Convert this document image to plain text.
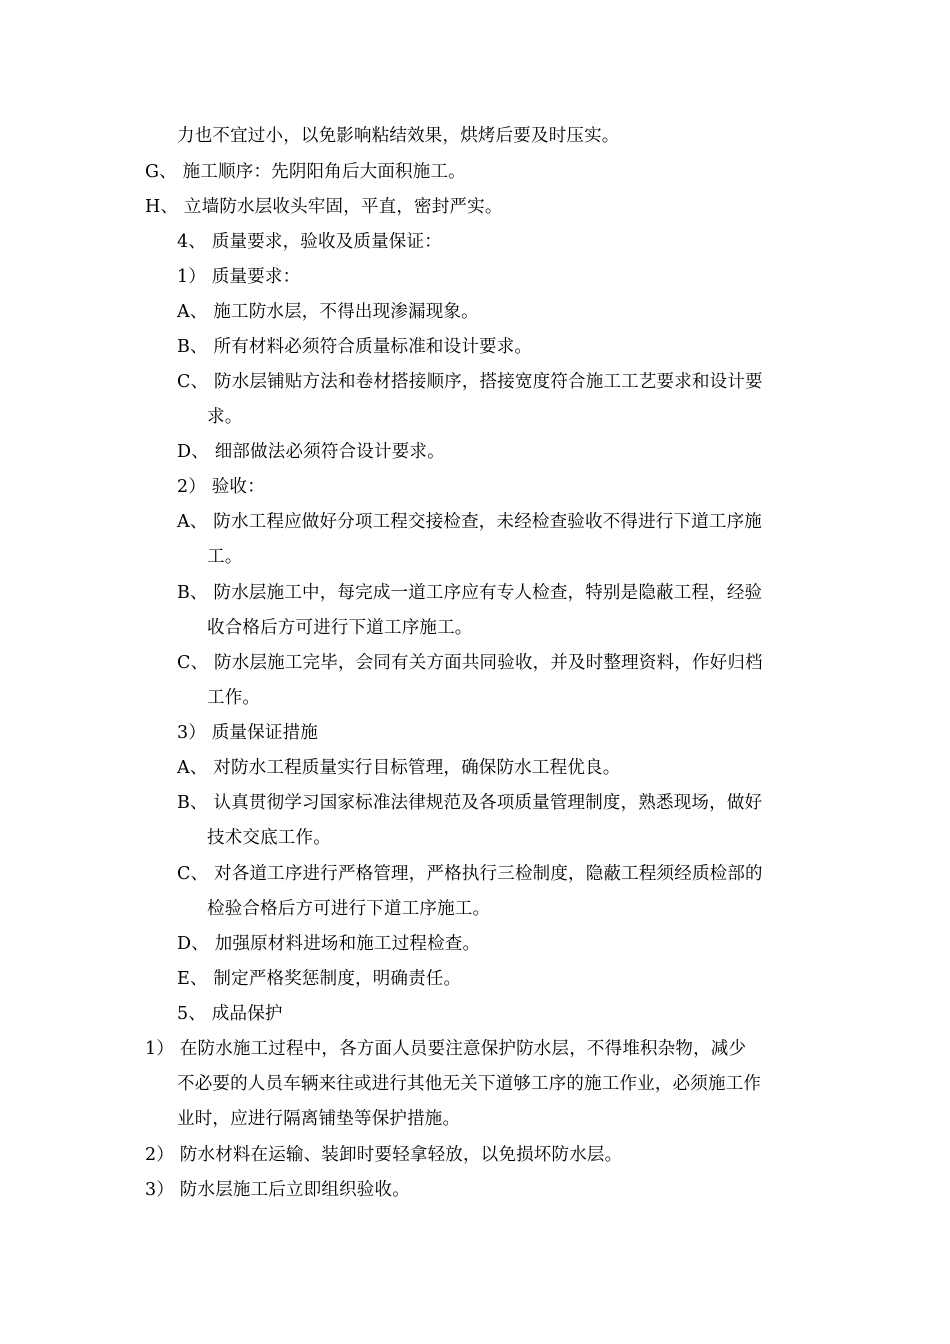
力也不宜过小，以免影响粘结效果，烘烤后要及时压实。
G、 施工顺序：先阴阳角后大面积施工。
H、 立墙防水层收头牢固，平直，密封严实。
4、 质量要求，验收及质量保证：
1） 质量要求：
A、 施工防水层，不得出现渗漏现象。
B、 所有材料必须符合质量标准和设计要求。
C、 防水层铺贴方法和卷材搭接顺序，搭接宽度符合施工工艺要求和设计要
求。
D、 细部做法必须符合设计要求。
2） 验收：
A、 防水工程应做好分项工程交接检查，未经检查验收不得进行下道工序施
工。
B、 防水层施工中，每完成一道工序应有专人检查，特别是隐蔽工程，经验
收合格后方可进行下道工序施工。
C、 防水层施工完毕，会同有关方面共同验收，并及时整理资料，作好归档
工作。
3） 质量保证措施
A、 对防水工程质量实行目标管理，确保防水工程优良。
B、 认真贯彻学习国家标准法律规范及各项质量管理制度，熟悉现场，做好
技术交底工作。
C、 对各道工序进行严格管理，严格执行三检制度，隐蔽工程须经质检部的
检验合格后方可进行下道工序施工。
D、 加强原材料进场和施工过程检查。
E、 制定严格奖惩制度，明确责任。
5、 成品保护
1） 在防水施工过程中，各方面人员要注意保护防水层，不得堆积杂物，减少
不必要的人员车辆来往或进行其他无关下道够工序的施工作业，必须施工作
业时，应进行隔离铺垫等保护措施。
2） 防水材料在运输、装卸时要轻拿轻放，以免损坏防水层。
3） 防水层施工后立即组织验收。
